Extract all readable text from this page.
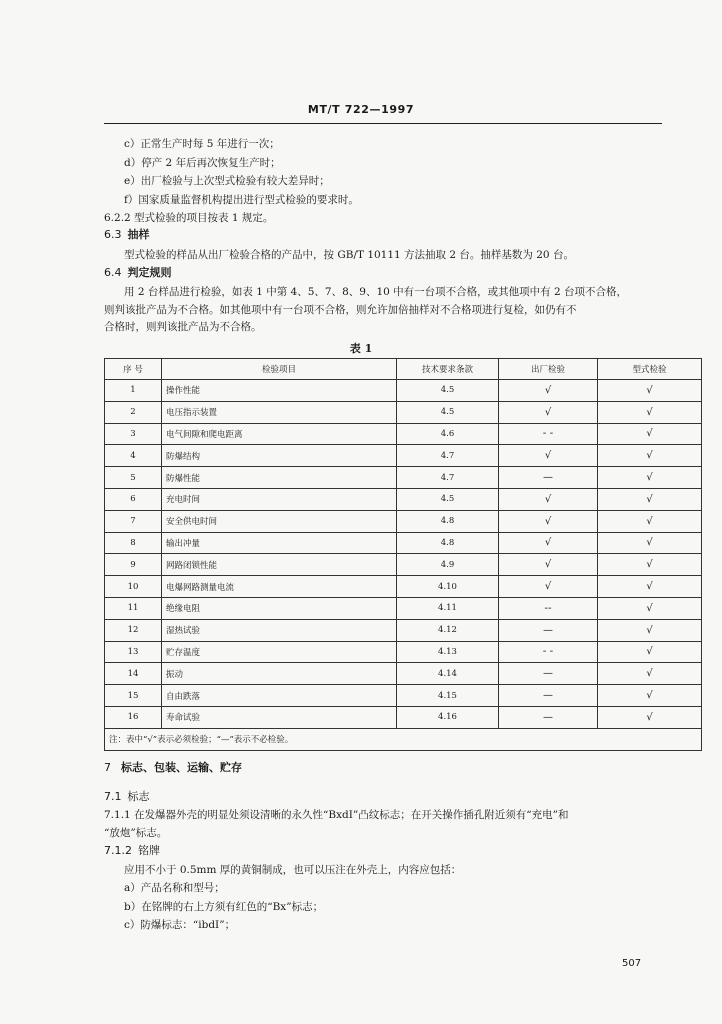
MT/T 722—1997
c）正常生产时每 5 年进行一次；
d）停产 2 年后再次恢复生产时；
e）出厂检验与上次型式检验有较大差异时；
f）国家质量监督机构提出进行型式检验的要求时。
6.2.2 型式检验的项目按表 1 规定。
6.3 抽样
型式检验的样品从出厂检验合格的产品中，按 GB/T 10111 方法抽取 2 台。抽样基数为 20 台。
6.4 判定规则
用 2 台样品进行检验，如表 1 中第 4、5、7、8、9、10 中有一台项不合格，或其他项中有 2 台项不合格，
则判该批产品为不合格。如其他项中有一台项不合格，则允许加倍抽样对不合格项进行复检，如仍有不
合格时，则判该批产品为不合格。
表 1
序 号	检验项目	技术要求条款	出厂检验	型式检验
1	操作性能	4.5	√	√
2	电压指示装置	4.5	√	√
3	电气间隙和爬电距离	4.6	- -	√
4	防爆结构	4.7	√	√
5	防爆性能	4.7	—	√
6	充电时间	4.5	√	√
7	安全供电时间	4.8	√	√
8	输出冲量	4.8	√	√
9	网路闭锁性能	4.9	√	√
10	电爆网路测量电流	4.10	√	√
11	绝缘电阻	4.11	--	√
12	湿热试验	4.12	—	√
13	贮存温度	4.13	- -	√
14	振动	4.14	—	√
15	自由跌落	4.15	—	√
16	寿命试验	4.16	—	√
注：表中“√”表示必须检验；“—”表示不必检验。				
7 标志、包装、运输、贮存
7.1 标志
7.1.1 在发爆器外壳的明显处须设清晰的永久性“BxdI”凸纹标志；在开关操作插孔附近须有“充电”和
“放炮”标志。
7.1.2 铭牌
应用不小于 0.5mm 厚的黄铜制成，也可以压注在外壳上，内容应包括：
a）产品名称和型号；
b）在铭牌的右上方须有红色的“Bx”标志；
c）防爆标志：“ibdI”；
507
